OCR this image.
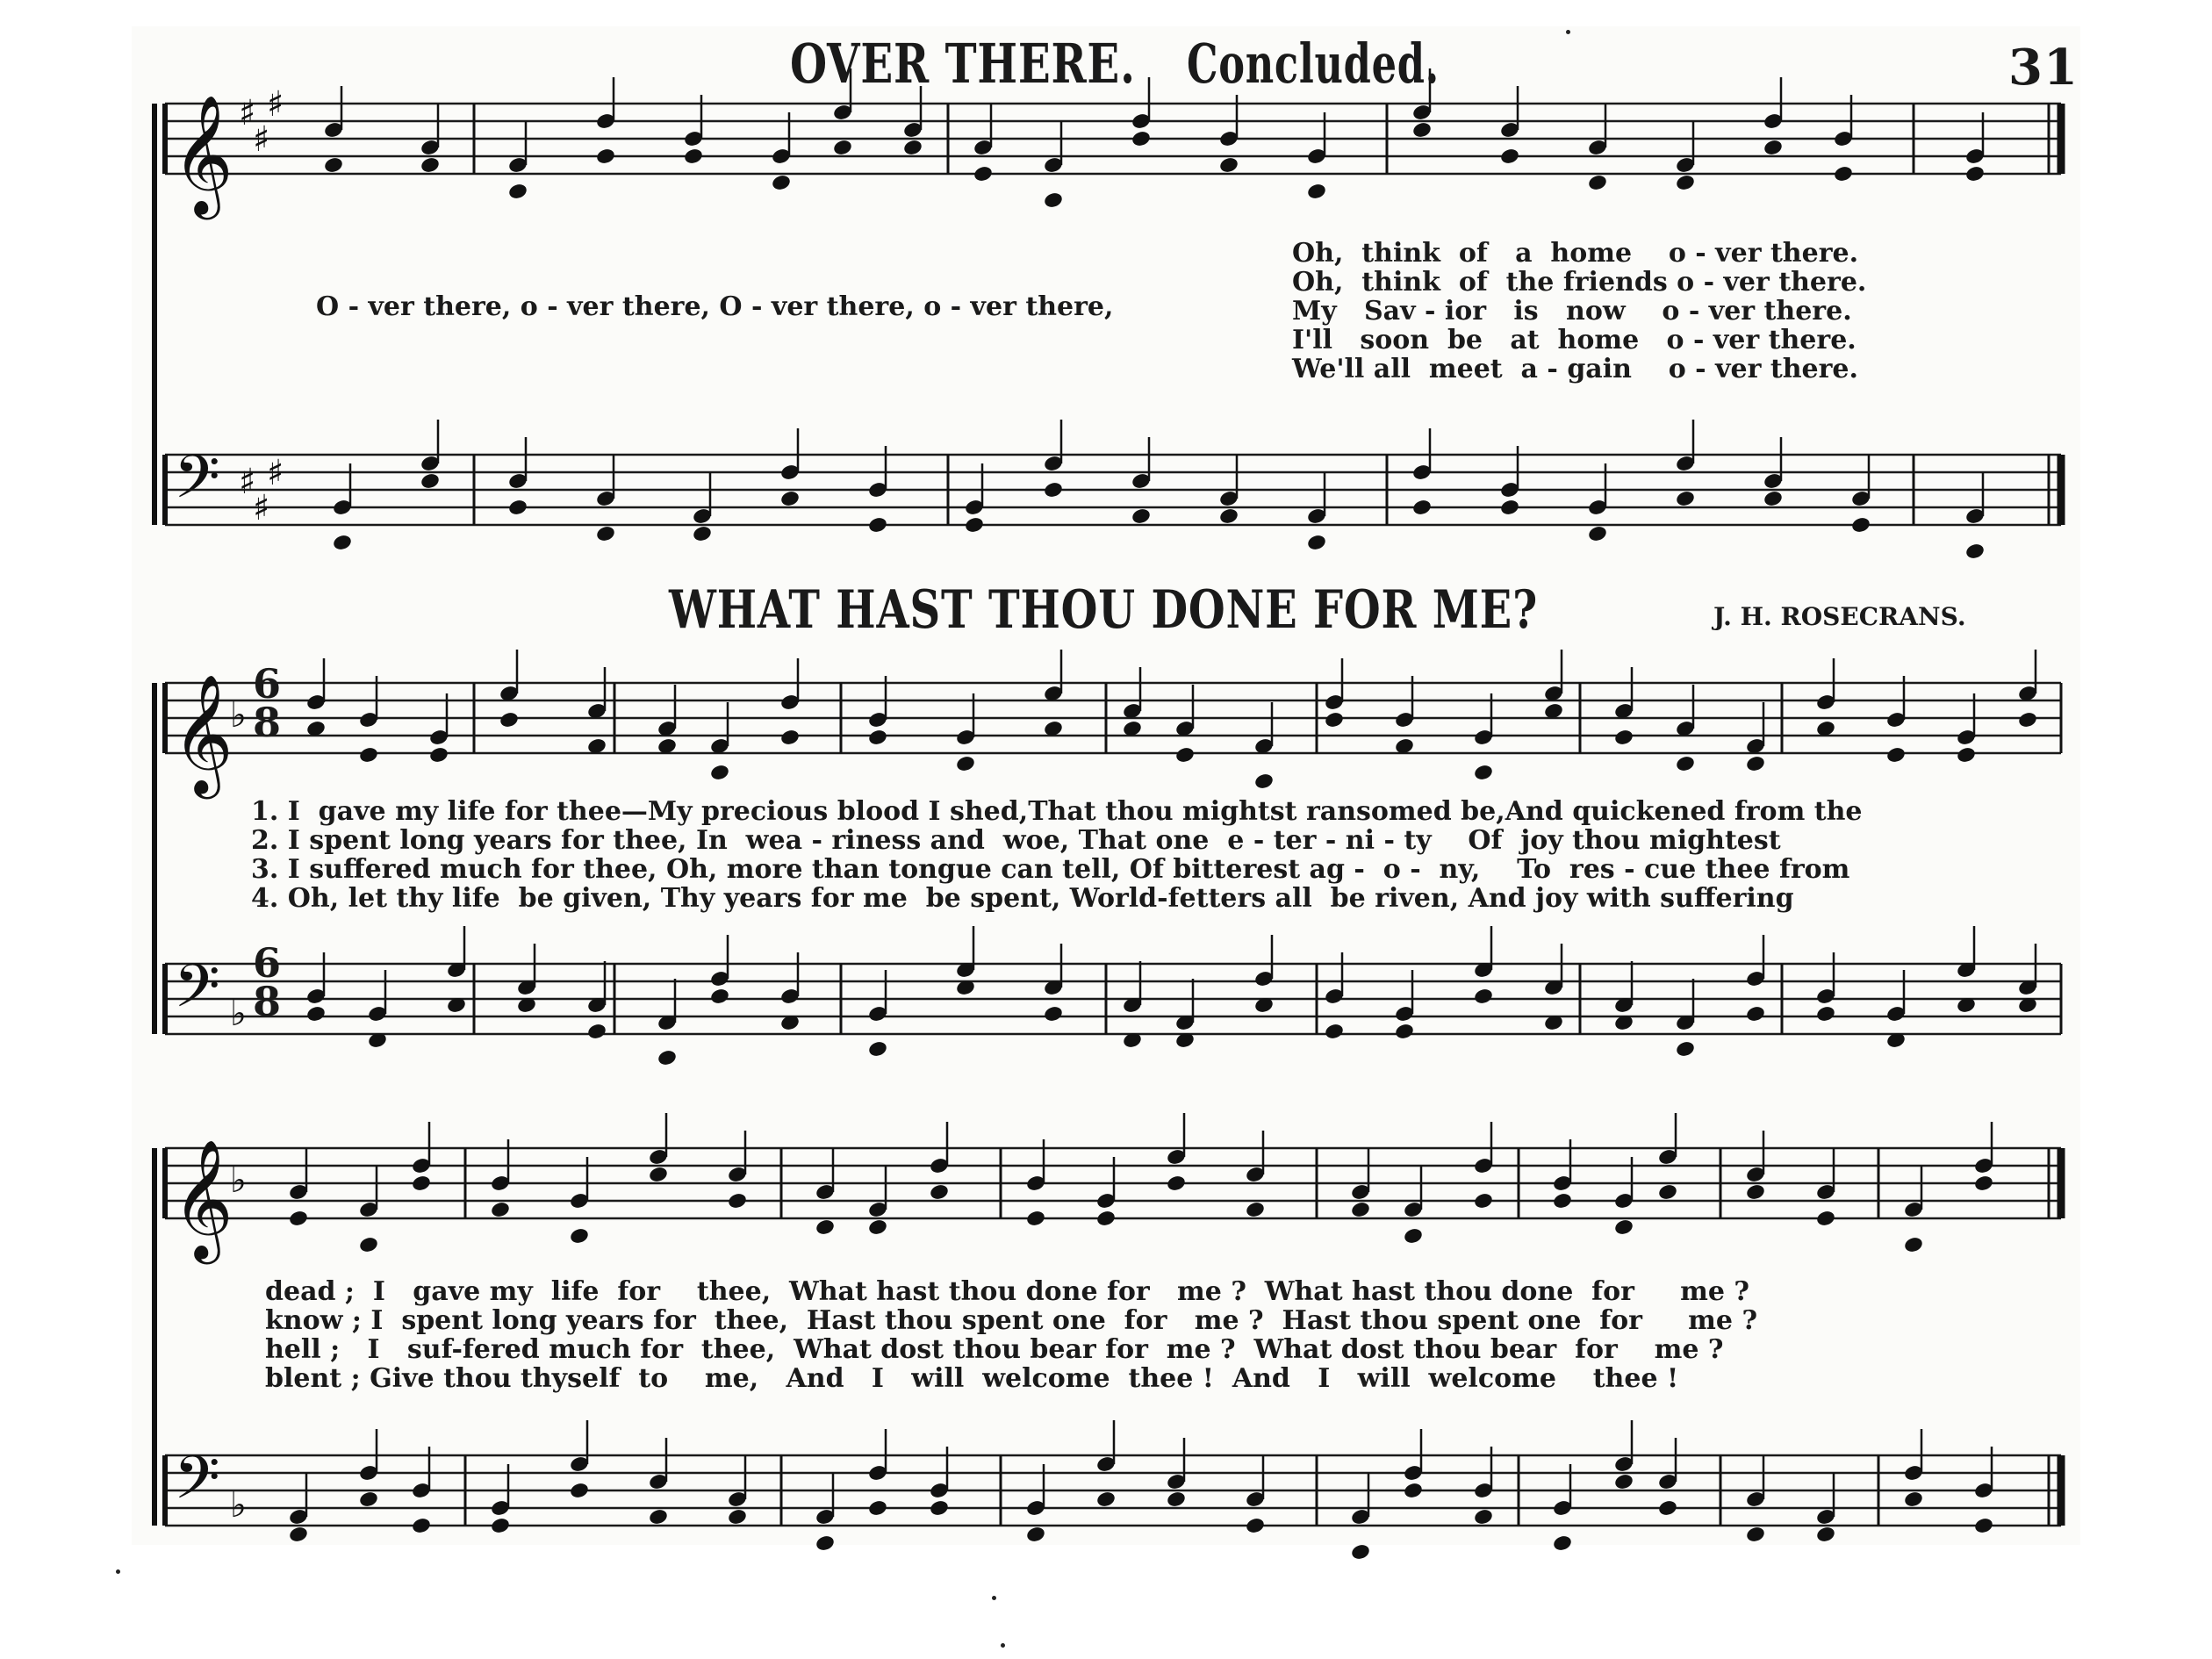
𝄞 ♯
♯
♯
𝄢 ♯
♯
♯
𝄞
♭
𝄢 ♭
𝄞
♭
𝄢 ♭
OVER THERE. Concluded.	31
O - ver there, o - ver there, O - ver there, o - ver there,
Oh,  think  of   a  home    o - ver there.
Oh,  think  of  the friends o - ver there.
My   Sav - ior   is   now    o - ver there.
I'll   soon  be   at  home   o - ver there.
We'll all  meet  a - gain    o - ver there.
WHAT HAST THOU DONE FOR ME?	J. H. ROSECRANS.
6
8
6
8
1. I  gave my life for thee—My precious blood I shed,That thou mightst ransomed be,And quickened from the
2. I spent long years for thee, In  wea - riness and  woe, That one  e - ter - ni - ty    Of  joy thou mightest
3. I suffered much for thee, Oh, more than tongue can tell, Of bitterest ag -  o -  ny,    To  res - cue thee from
4. Oh, let thy life  be given, Thy years for me  be spent, World-fetters all  be riven, And joy with suffering
dead ;  I   gave my  life  for    thee,  What hast thou done for   me ?  What hast thou done  for     me ?
know ; I  spent long years for  thee,  Hast thou spent one  for   me ?  Hast thou spent one  for     me ?
hell ;   I   suf-fered much for  thee,  What dost thou bear for  me ?  What dost thou bear  for    me ?
blent ; Give thou thyself  to    me,   And   I   will  welcome  thee !  And   I   will  welcome    thee !
